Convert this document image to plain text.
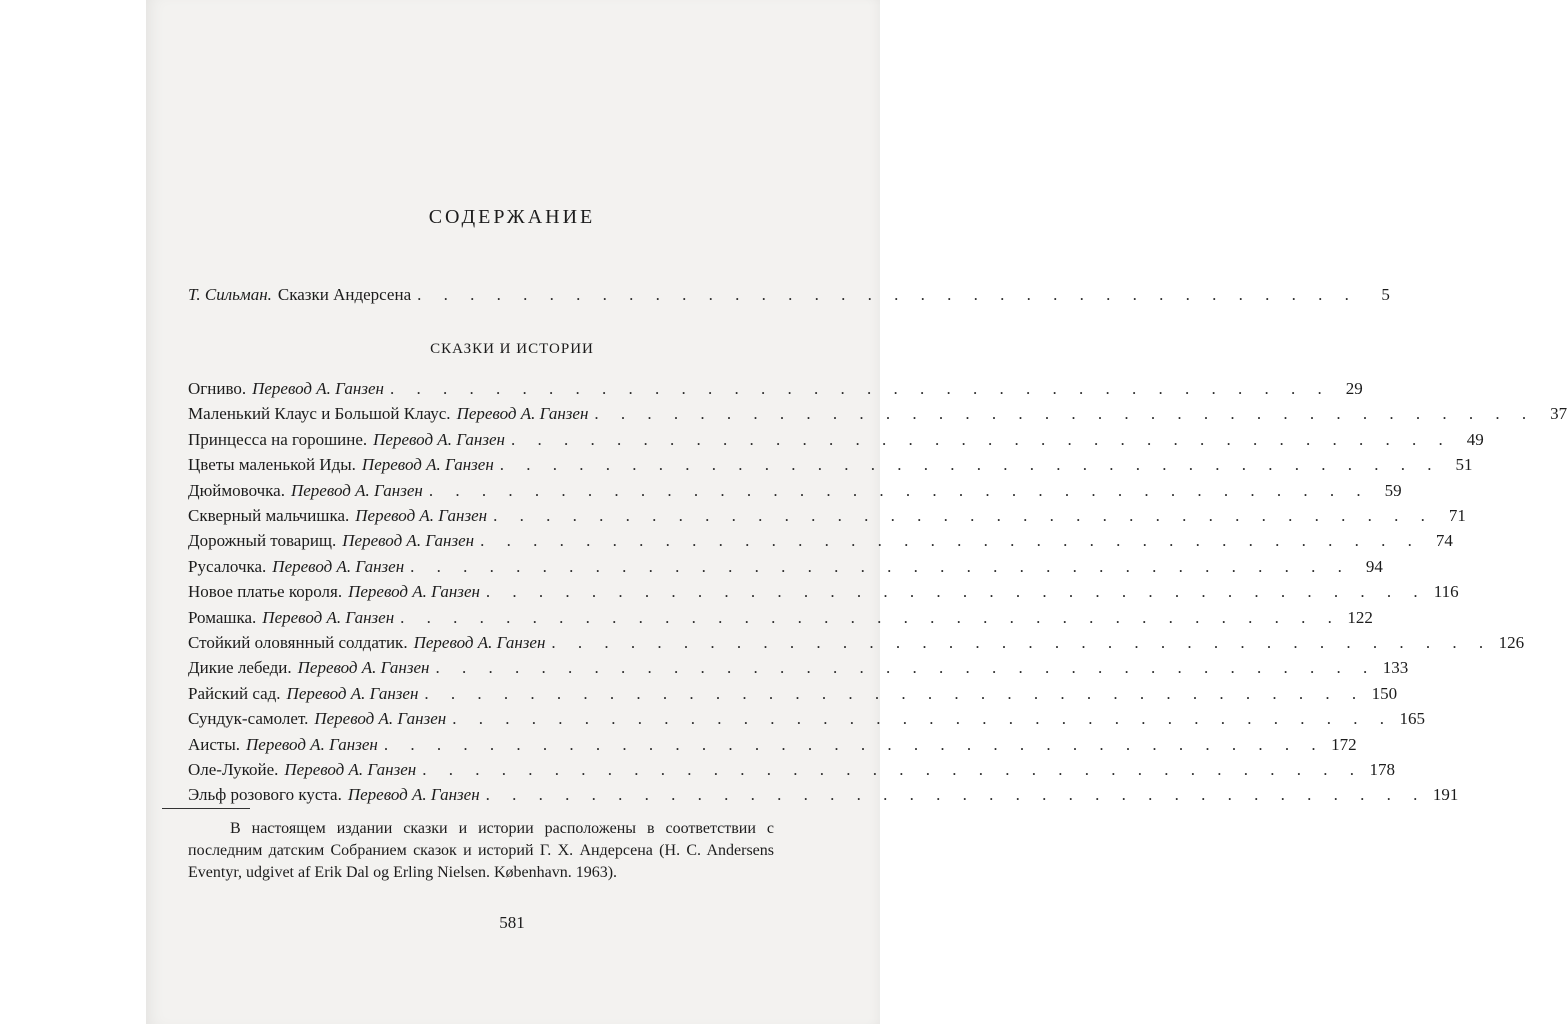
СОДЕРЖАНИЕ
Т. Сильман. Сказки Андерсена . . . . . . . . . . . . . . . . . . . . . . . . . . . . . . . . . . . .	5
СКАЗКИ И ИСТОРИИ
Огниво. Перевод А. Ганзен . . . . . . . . . . . . . . . . . . . . . . . . . . . . . . . . . . . . 29
Маленький Клаус и Большой Клаус. Перевод А. Ганзен . . . . . . . . . . . . . . . . . . . . . . . . . . . . . . . . . . . . 37
Принцесса на горошине. Перевод А. Ганзен . . . . . . . . . . . . . . . . . . . . . . . . . . . . . . . . . . . . 49
Цветы маленькой Иды. Перевод А. Ганзен . . . . . . . . . . . . . . . . . . . . . . . . . . . . . . . . . . . . 51
Дюймовочка. Перевод А. Ганзен . . . . . . . . . . . . . . . . . . . . . . . . . . . . . . . . . . . . 59
Скверный мальчишка. Перевод А. Ганзен . . . . . . . . . . . . . . . . . . . . . . . . . . . . . . . . . . . . 71
Дорожный товарищ. Перевод А. Ганзен . . . . . . . . . . . . . . . . . . . . . . . . . . . . . . . . . . . . 74
Русалочка. Перевод А. Ганзен . . . . . . . . . . . . . . . . . . . . . . . . . . . . . . . . . . . . 94
Новое платье короля. Перевод А. Ганзен . . . . . . . . . . . . . . . . . . . . . . . . . . . . . . . . . . . . 116
Ромашка. Перевод А. Ганзен . . . . . . . . . . . . . . . . . . . . . . . . . . . . . . . . . . . . 122
Стойкий оловянный солдатик. Перевод А. Ганзен . . . . . . . . . . . . . . . . . . . . . . . . . . . . . . . . . . . . 126
Дикие лебеди. Перевод А. Ганзен . . . . . . . . . . . . . . . . . . . . . . . . . . . . . . . . . . . . 133
Райский сад. Перевод А. Ганзен . . . . . . . . . . . . . . . . . . . . . . . . . . . . . . . . . . . . 150
Сундук-самолет. Перевод А. Ганзен . . . . . . . . . . . . . . . . . . . . . . . . . . . . . . . . . . . . 165
Аисты. Перевод А. Ганзен . . . . . . . . . . . . . . . . . . . . . . . . . . . . . . . . . . . . 172
Оле-Лукойе. Перевод А. Ганзен . . . . . . . . . . . . . . . . . . . . . . . . . . . . . . . . . . . . 178
Эльф розового куста. Перевод А. Ганзен . . . . . . . . . . . . . . . . . . . . . . . . . . . . . . . . . . . . 191
В настоящем издании сказки и истории расположены в соответствии с последним датским Собранием сказок и историй Г. Х. Андерсена (H. C. Andersens Eventyr, udgivet af Erik Dal og Erling Nielsen. København. 1963).
581
